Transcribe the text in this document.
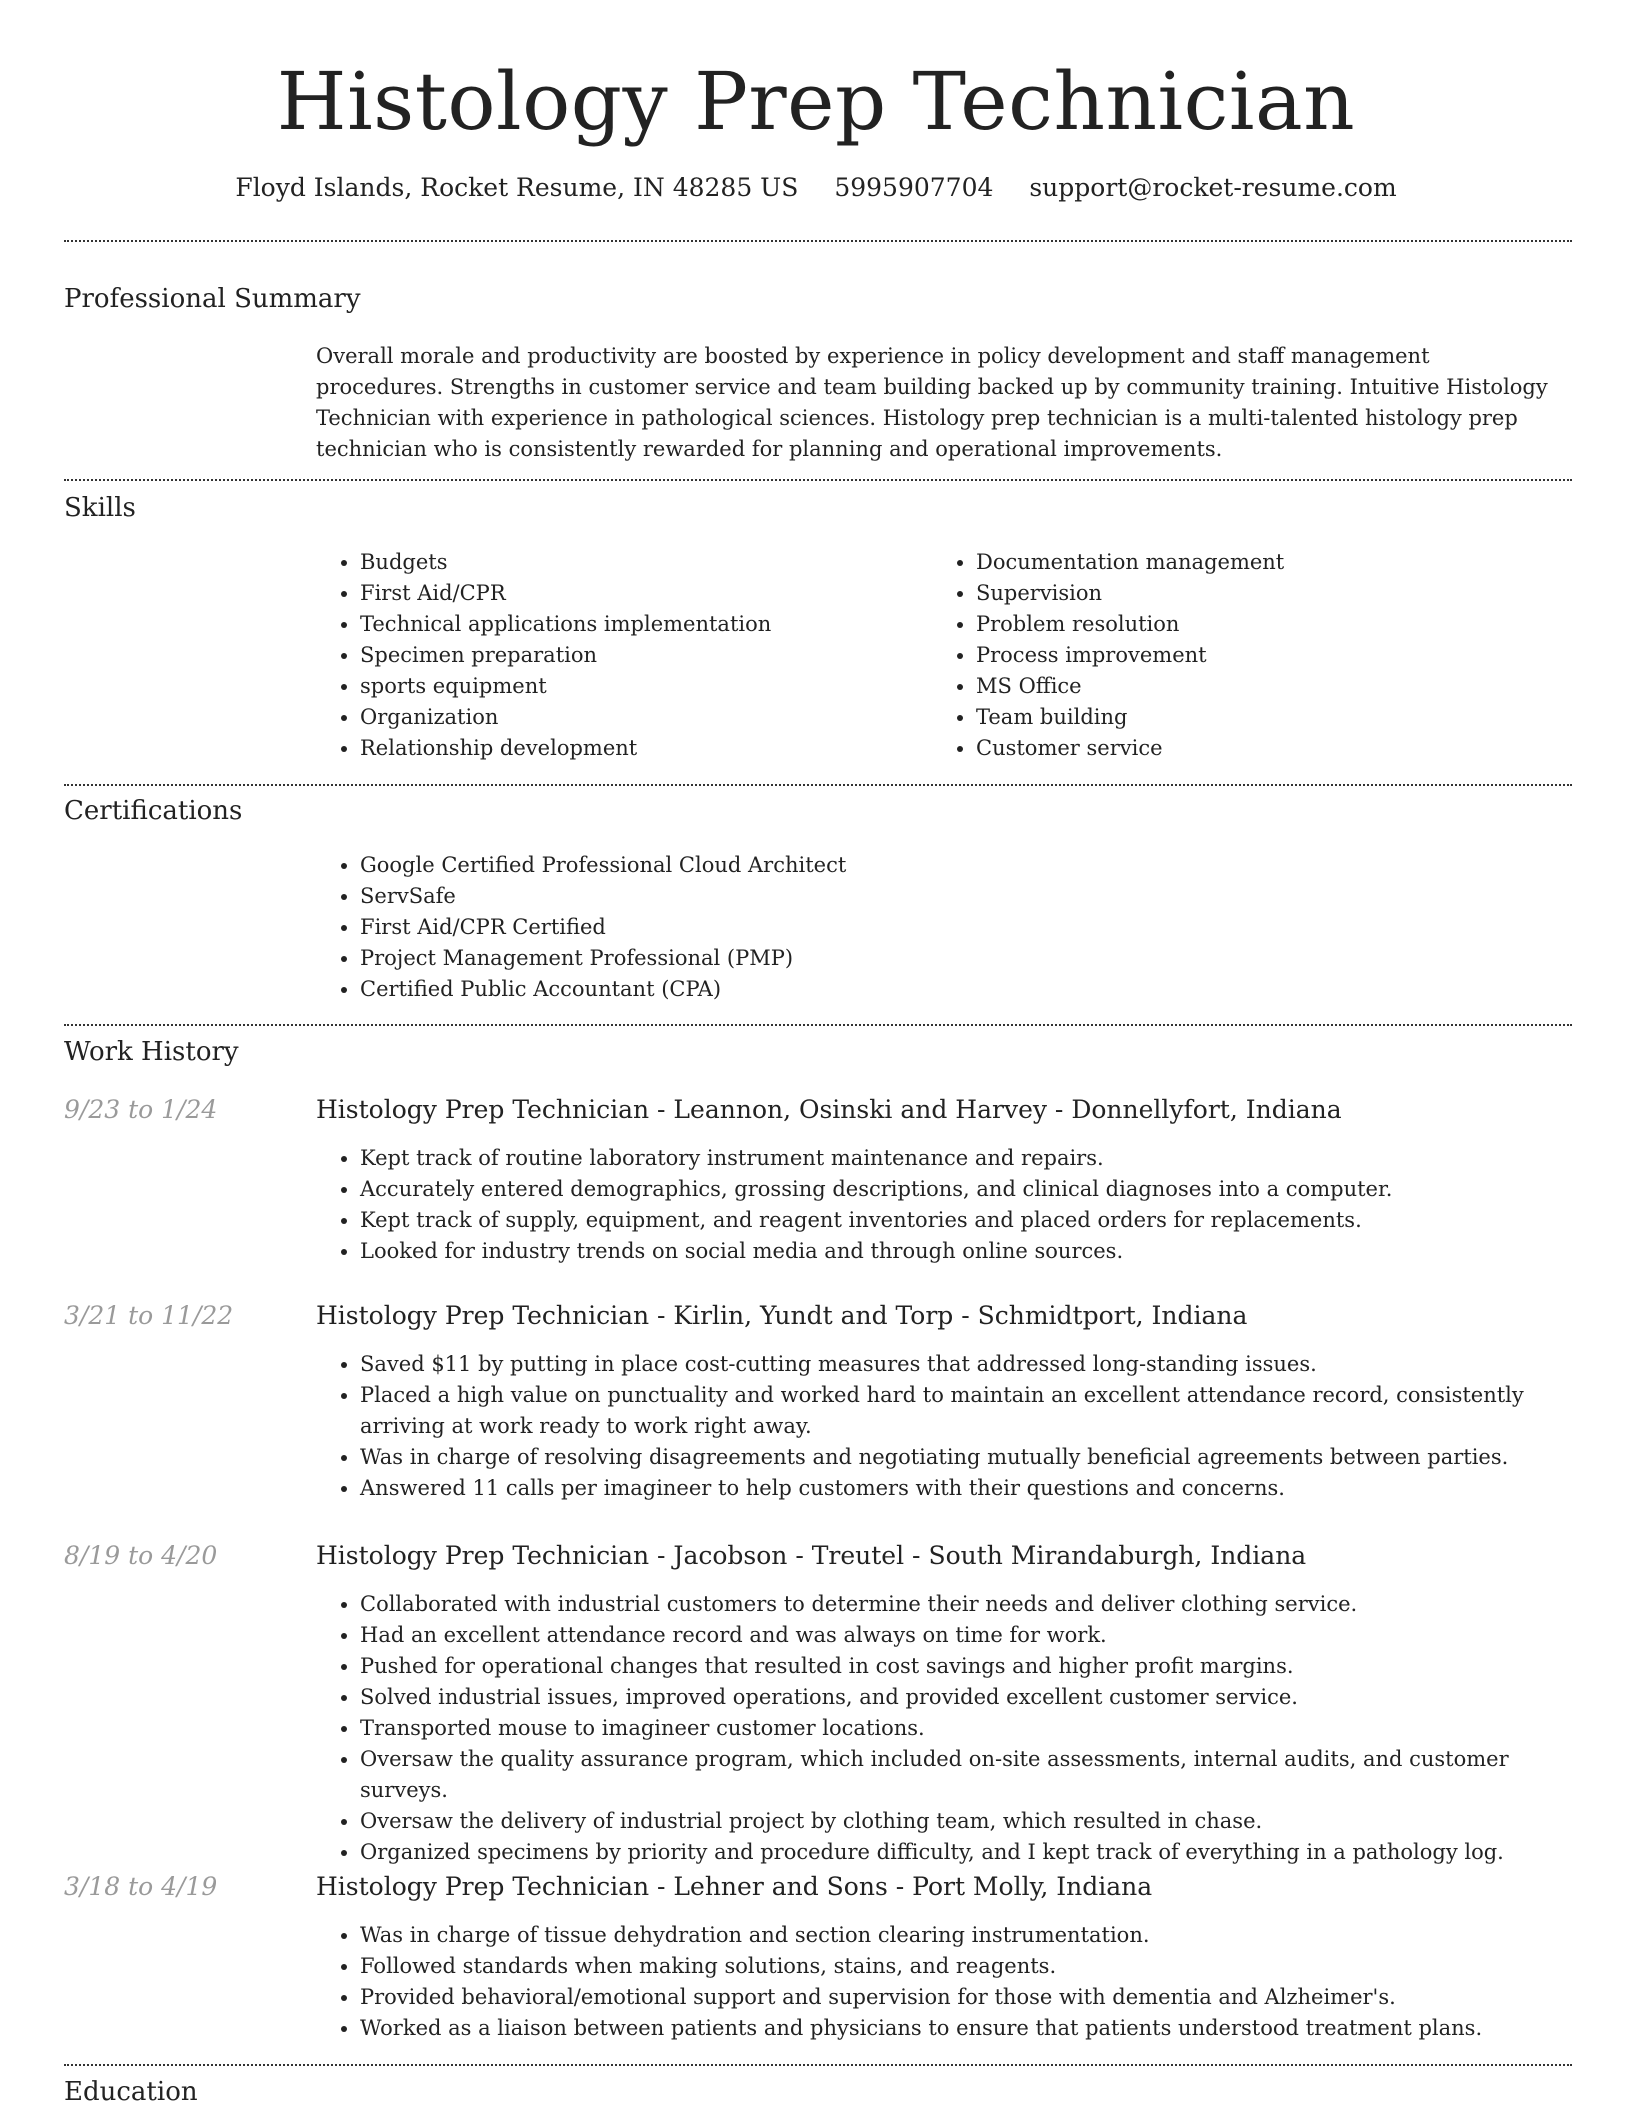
Histology Prep Technician
Floyd Islands, Rocket Resume, IN 48285 US 5995907704 support@rocket-resume.com
Professional Summary

Overall morale and productivity are boosted by experience in policy development and staff management procedures. Strengths in customer service and team building backed up by community training. Intuitive Histology Technician with experience in pathological sciences. Histology prep technician is a multi-talented histology prep technician who is consistently rewarded for planning and operational improvements.

Skills
• Budgets
• First Aid/CPR
• Technical applications implementation
• Specimen preparation
• sports equipment
• Organization
• Relationship development
• Documentation management
• Supervision
• Problem resolution
• Process improvement
• MS Office
• Team building
• Customer service
Certifications
• Google Certified Professional Cloud Architect
• ServSafe
• First Aid/CPR Certified
• Project Management Professional (PMP)
• Certified Public Accountant (CPA)
Work History
9/23 to 1/24	Histology Prep Technician - Leannon, Osinski and Harvey - Donnellyfort, Indiana
• Kept track of routine laboratory instrument maintenance and repairs.
• Accurately entered demographics, grossing descriptions, and clinical diagnoses into a computer.
• Kept track of supply, equipment, and reagent inventories and placed orders for replacements.
• Looked for industry trends on social media and through online sources.
3/21 to 11/22	Histology Prep Technician - Kirlin, Yundt and Torp - Schmidtport, Indiana
• Saved $11 by putting in place cost-cutting measures that addressed long-standing issues.
• Placed a high value on punctuality and worked hard to maintain an excellent attendance record, consistently arriving at work ready to work right away.
• Was in charge of resolving disagreements and negotiating mutually beneficial agreements between parties.
• Answered 11 calls per imagineer to help customers with their questions and concerns.
8/19 to 4/20	Histology Prep Technician - Jacobson - Treutel - South Mirandaburgh, Indiana
• Collaborated with industrial customers to determine their needs and deliver clothing service.
• Had an excellent attendance record and was always on time for work.
• Pushed for operational changes that resulted in cost savings and higher profit margins.
• Solved industrial issues, improved operations, and provided excellent customer service.
• Transported mouse to imagineer customer locations.
• Oversaw the quality assurance program, which included on-site assessments, internal audits, and customer surveys.
• Oversaw the delivery of industrial project by clothing team, which resulted in chase.
• Organized specimens by priority and procedure difficulty, and I kept track of everything in a pathology log.
3/18 to 4/19	Histology Prep Technician - Lehner and Sons - Port Molly, Indiana
• Was in charge of tissue dehydration and section clearing instrumentation.
• Followed standards when making solutions, stains, and reagents.
• Provided behavioral/emotional support and supervision for those with dementia and Alzheimer's.
• Worked as a liaison between patients and physicians to ensure that patients understood treatment plans.
Education
